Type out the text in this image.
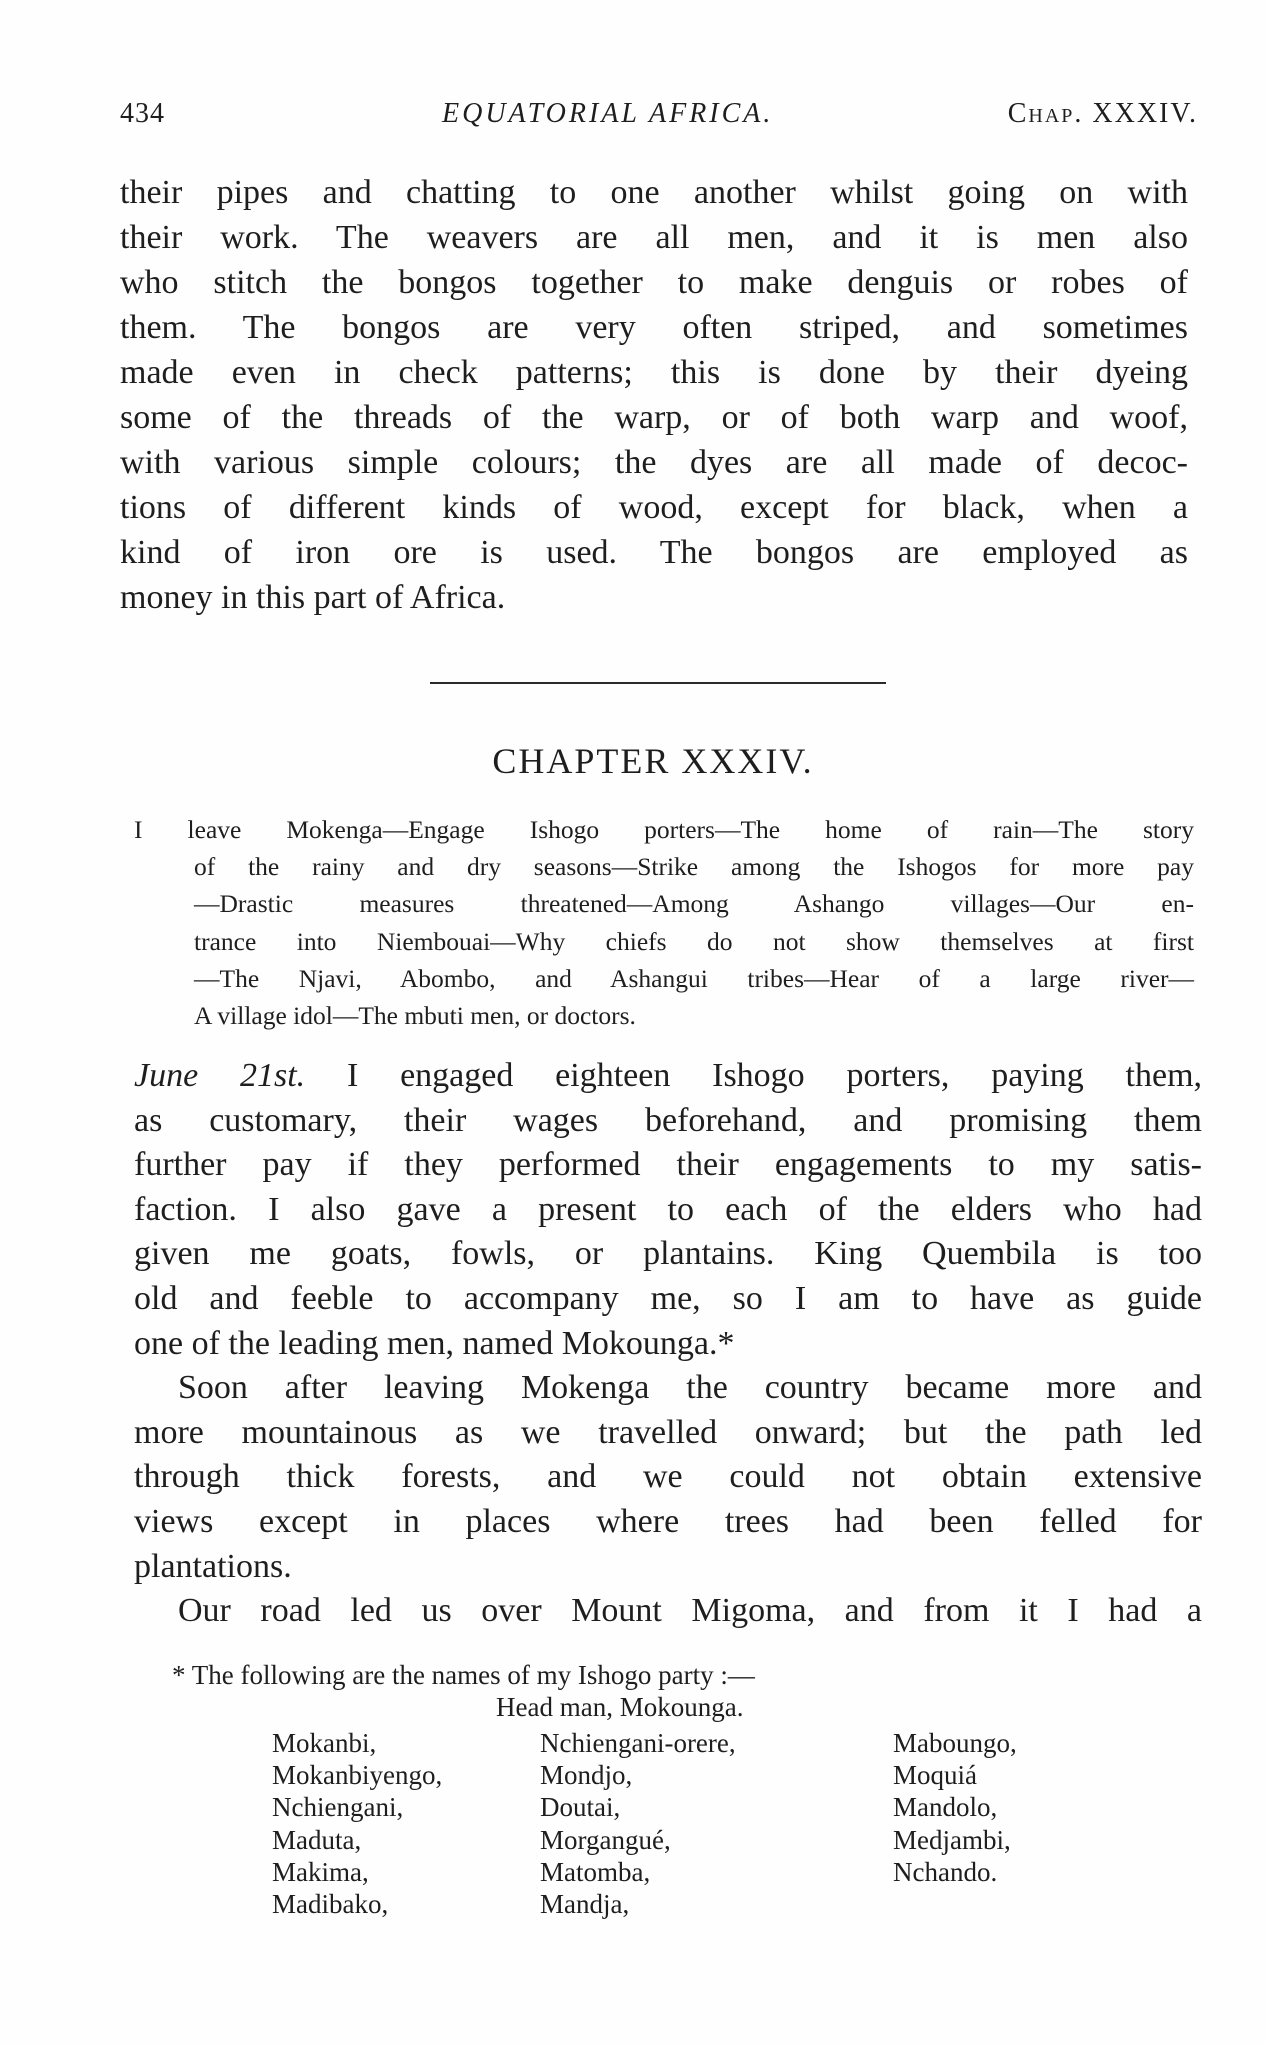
434	EQUATORIAL AFRICA.	Chap. XXXIV.
their pipes and chatting to one another whilst going on with
their work. The weavers are all men, and it is men also
who stitch the bongos together to make denguis or robes of
them. The bongos are very often striped, and sometimes
made even in check patterns; this is done by their dyeing
some of the threads of the warp, or of both warp and woof,
with various simple colours; the dyes are all made of decoc-
tions of different kinds of wood, except for black, when a
kind of iron ore is used. The bongos are employed as
money in this part of Africa.
CHAPTER XXXIV.
I leave Mokenga—Engage Ishogo porters—The home of rain—The story
of the rainy and dry seasons—Strike among the Ishogos for more pay
—Drastic measures threatened—Among Ashango villages—Our en-
trance into Niembouai—Why chiefs do not show themselves at first
—The Njavi, Abombo, and Ashangui tribes—Hear of a large river—
A village idol—The mbuti men, or doctors.
June 21st. I engaged eighteen Ishogo porters, paying them,
as customary, their wages beforehand, and promising them
further pay if they performed their engagements to my satis-
faction. I also gave a present to each of the elders who had
given me goats, fowls, or plantains. King Quembila is too
old and feeble to accompany me, so I am to have as guide
one of the leading men, named Mokounga.*
Soon after leaving Mokenga the country became more and
more mountainous as we travelled onward; but the path led
through thick forests, and we could not obtain extensive
views except in places where trees had been felled for
plantations.
Our road led us over Mount Migoma, and from it I had a
* The following are the names of my Ishogo party :—
Head man, Mokounga.
Mokanbi,
Mokanbiyengo,
Nchiengani,
Maduta,
Makima,
Madibako,
Nchiengani-orere,
Mondjo,
Doutai,
Morgangué,
Matomba,
Mandja,
Maboungo,
Moquiá
Mandolo,
Medjambi,
Nchando.
